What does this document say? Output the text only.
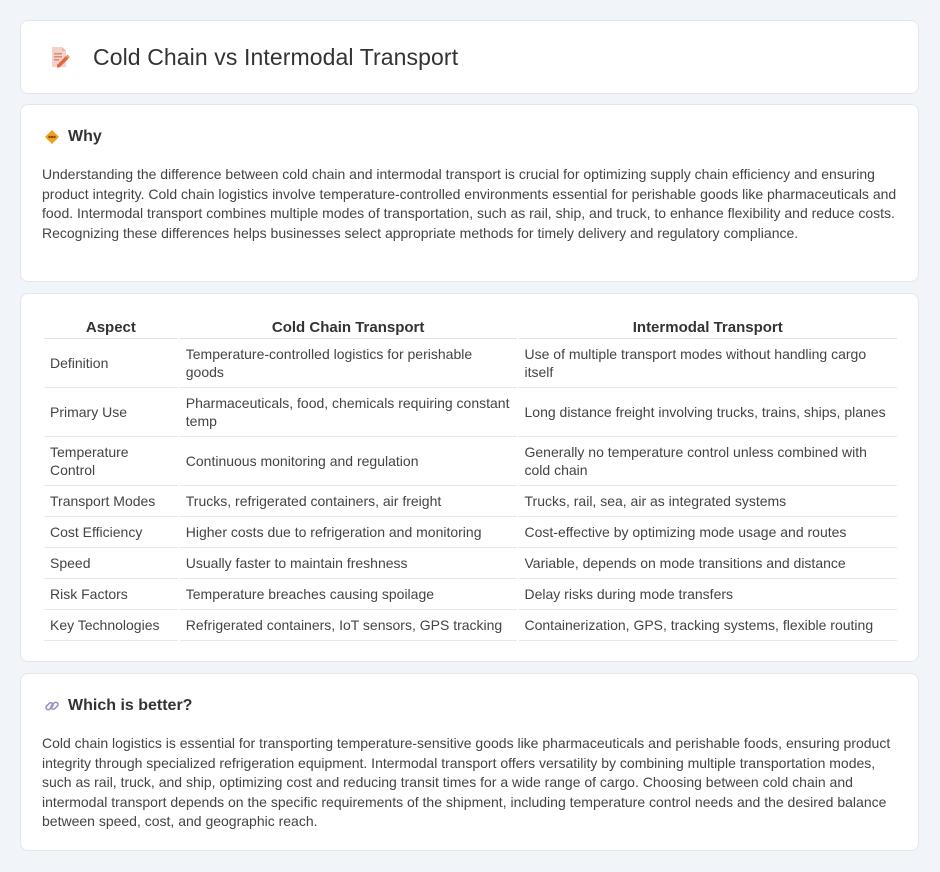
Cold Chain vs Intermodal Transport
Why

Understanding the difference between cold chain and intermodal transport is crucial for optimizing supply chain efficiency and ensuring product integrity. Cold chain logistics involve temperature-controlled environments essential for perishable goods like pharmaceuticals and food. Intermodal transport combines multiple modes of transportation, such as rail, ship, and truck, to enhance flexibility and reduce costs. Recognizing these differences helps businesses select appropriate methods for timely delivery and regulatory compliance.

Aspect	Cold Chain Transport	Intermodal Transport
Definition	Temperature-controlled logistics for perishable goods	Use of multiple transport modes without handling cargo itself
Primary Use	Pharmaceuticals, food, chemicals requiring constant temp	Long distance freight involving trucks, trains, ships, planes
Temperature Control	Continuous monitoring and regulation	Generally no temperature control unless combined with cold chain
Transport Modes	Trucks, refrigerated containers, air freight	Trucks, rail, sea, air as integrated systems
Cost Efficiency	Higher costs due to refrigeration and monitoring	Cost-effective by optimizing mode usage and routes
Speed	Usually faster to maintain freshness	Variable, depends on mode transitions and distance
Risk Factors	Temperature breaches causing spoilage	Delay risks during mode transfers
Key Technologies	Refrigerated containers, IoT sensors, GPS tracking	Containerization, GPS, tracking systems, flexible routing
Which is better?

Cold chain logistics is essential for transporting temperature-sensitive goods like pharmaceuticals and perishable foods, ensuring product integrity through specialized refrigeration equipment. Intermodal transport offers versatility by combining multiple transportation modes, such as rail, truck, and ship, optimizing cost and reducing transit times for a wide range of cargo. Choosing between cold chain and intermodal transport depends on the specific requirements of the shipment, including temperature control needs and the desired balance between speed, cost, and geographic reach.
